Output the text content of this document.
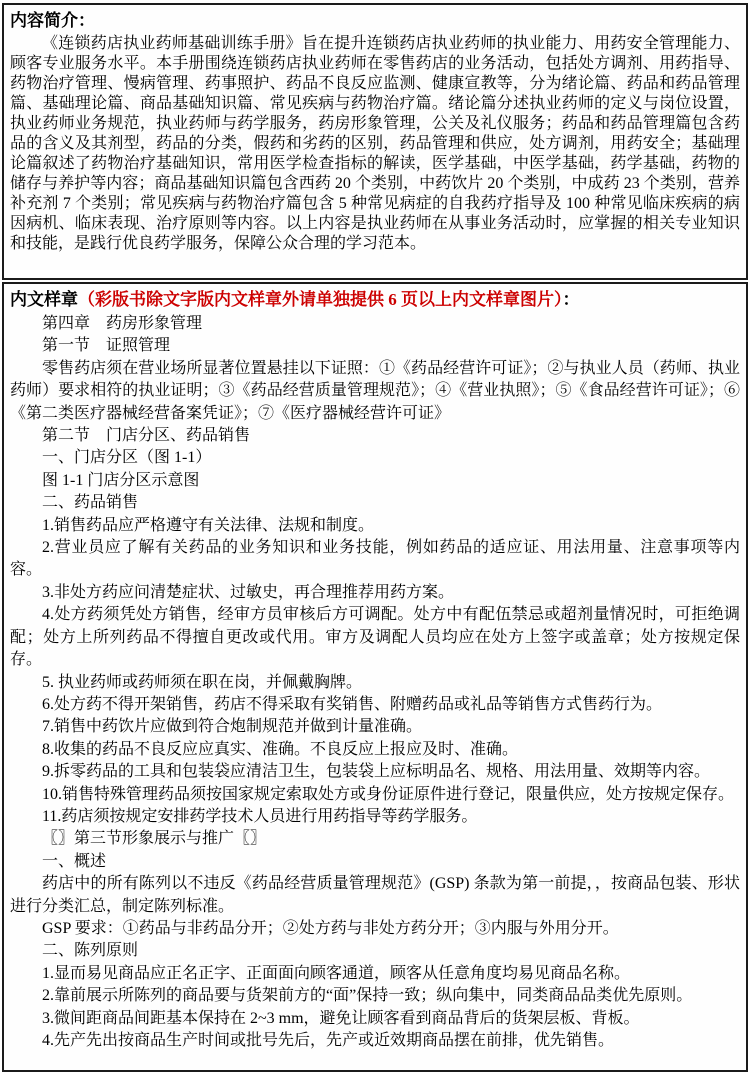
内容简介：

《连锁药店执业药师基础训练手册》旨在提升连锁药店执业药师的执业能力、用药安全管理能力、顾客专业服务水平。本手册围绕连锁药店执业药师在零售药店的业务活动，包括处方调剂、用药指导、药物治疗管理、慢病管理、药事照护、药品不良反应监测、健康宣教等，分为绪论篇、药品和药品管理篇、基础理论篇、商品基础知识篇、常见疾病与药物治疗篇。绪论篇分述执业药师的定义与岗位设置，执业药师业务规范，执业药师与药学服务，药房形象管理，公关及礼仪服务；药品和药品管理篇包含药品的含义及其剂型，药品的分类，假药和劣药的区别，药品管理和供应，处方调剂，用药安全；基础理论篇叙述了药物治疗基础知识，常用医学检查指标的解读，医学基础，中医学基础，药学基础，药物的储存与养护等内容；商品基础知识篇包含西药 20 个类别，中药饮片 20 个类别，中成药 23 个类别，营养补充剂 7 个类别；常见疾病与药物治疗篇包含 5 种常见病症的自我药疗指导及 100 种常见临床疾病的病因病机、临床表现、治疗原则等内容。以上内容是执业药师在从事业务活动时，应掌握的相关专业知识和技能，是践行优良药学服务，保障公众合理的学习范本。

内文样章（彩版书除文字版内文样章外请单独提供 6 页以上内文样章图片）：

第四章　药房形象管理

第一节　证照管理

零售药店须在营业场所显著位置悬挂以下证照：①《药品经营许可证》；②与执业人员（药师、执业药师）要求相符的执业证明；③《药品经营质量管理规范》；④《营业执照》；⑤《食品经营许可证》；⑥《第二类医疗器械经营备案凭证》；⑦《医疗器械经营许可证》

第二节　门店分区、药品销售

一、门店分区（图 1-1）

图 1-1 门店分区示意图

二、药品销售

1.销售药品应严格遵守有关法律、法规和制度。

2.营业员应了解有关药品的业务知识和业务技能，例如药品的适应证、用法用量、注意事项等内容。

3.非处方药应问清楚症状、过敏史，再合理推荐用药方案。

4.处方药须凭处方销售，经审方员审核后方可调配。处方中有配伍禁忌或超剂量情况时，可拒绝调配；处方上所列药品不得擅自更改或代用。审方及调配人员均应在处方上签字或盖章；处方按规定保存。

5. 执业药师或药师须在职在岗，并佩戴胸牌。

6.处方药不得开架销售，药店不得采取有奖销售、附赠药品或礼品等销售方式售药行为。

7.销售中药饮片应做到符合炮制规范并做到计量准确。

8.收集的药品不良反应应真实、准确。不良反应上报应及时、准确。

9.拆零药品的工具和包装袋应清洁卫生，包装袋上应标明品名、规格、用法用量、效期等内容。

10.销售特殊管理药品须按国家规定索取处方或身份证原件进行登记，限量供应，处方按规定保存。

11.药店须按规定安排药学技术人员进行用药指导等药学服务。

〖〗第三节形象展示与推广〖〗

一、概述

药店中的所有陈列以不违反《药品经营质量管理规范》(GSP) 条款为第一前提，，按商品包装、形状进行分类汇总，制定陈列标准。

GSP 要求：①药品与非药品分开；②处方药与非处方药分开；③内服与外用分开。

二、陈列原则

1.显而易见商品应正名正字、正面面向顾客通道，顾客从任意角度均易见商品名称。

2.靠前展示所陈列的商品要与货架前方的“面”保持一致；纵向集中，同类商品品类优先原则。

3.微间距商品间距基本保持在 2~3 mm，避免让顾客看到商品背后的货架层板、背板。

4.先产先出按商品生产时间或批号先后，先产或近效期商品摆在前排，优先销售。
